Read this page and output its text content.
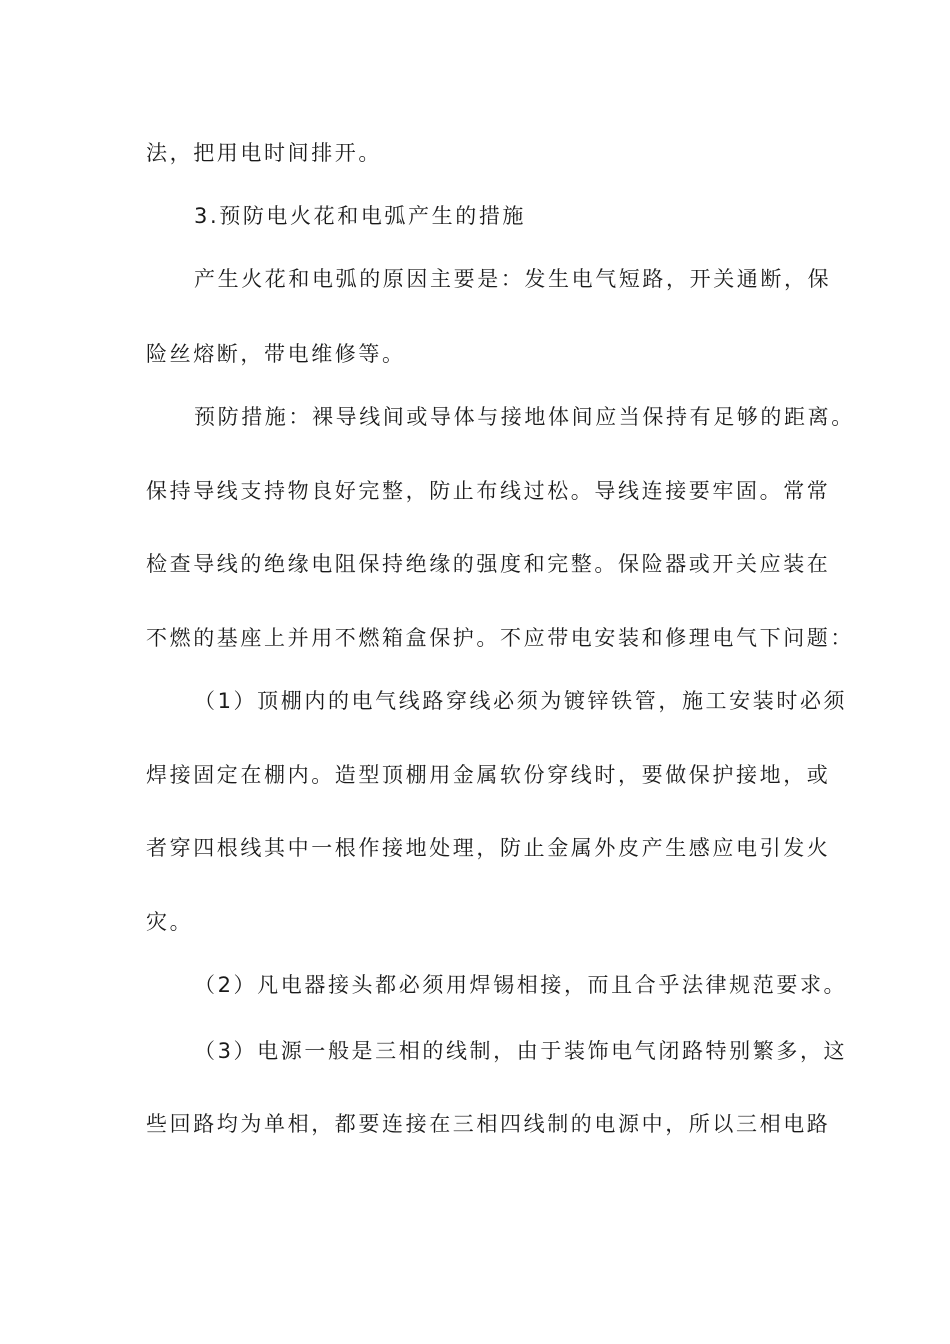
法，把用电时间排开。
3.预防电火花和电弧产生的措施
产生火花和电弧的原因主要是：发生电气短路，开关通断，保
险丝熔断，带电维修等。
预防措施：裸导线间或导体与接地体间应当保持有足够的距离。
保持导线支持物良好完整，防止布线过松。导线连接要牢固。常常
检查导线的绝缘电阻保持绝缘的强度和完整。保险器或开关应装在
不燃的基座上并用不燃箱盒保护。不应带电安装和修理电气下问题：
（1）顶棚内的电气线路穿线必须为镀锌铁管，施工安装时必须
焊接固定在棚内。造型顶棚用金属软份穿线时，要做保护接地，或
者穿四根线其中一根作接地处理，防止金属外皮产生感应电引发火
灾。
（2）凡电器接头都必须用焊锡相接，而且合乎法律规范要求。
（3）电源一般是三相的线制，由于装饰电气闭路特别繁多，这
些回路均为单相，都要连接在三相四线制的电源中，所以三相电路
